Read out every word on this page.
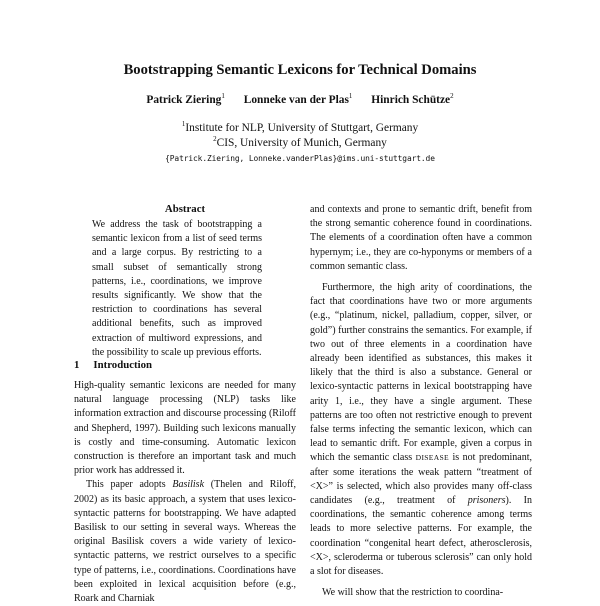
Bootstrapping Semantic Lexicons for Technical Domains
Patrick Ziering$^1$ Lonneke van der Plas$^1$ Hinrich Schütze$^2$
$^1$Institute for NLP, University of Stuttgart, Germany
$^2$CIS, University of Munich, Germany
{Patrick.Ziering, Lonneke.vanderPlas}@ims.uni-stuttgart.de
Abstract

We address the task of bootstrapping a semantic lexicon from a list of seed terms and a large corpus. By restricting to a small subset of semantically strong patterns, i.e., coordinations, we improve results significantly. We show that the restriction to coordinations has several additional benefits, such as improved extraction of multiword expressions, and the possibility to scale up previous efforts.

1 Introduction

High-quality semantic lexicons are needed for many natural language processing (NLP) tasks like information extraction and discourse processing (Riloff and Shepherd, 1997). Building such lexicons manually is costly and time-consuming. Automatic lexicon construction is therefore an important task and much prior work has addressed it.

This paper adopts Basilisk (Thelen and Riloff, 2002) as its basic approach, a system that uses lexico-syntactic patterns for bootstrapping. We have adapted Basilisk to our setting in several ways. Whereas the original Basilisk covers a wide variety of lexico-syntactic patterns, we restrict ourselves to a specific type of patterns, i.e., coordinations. Coordinations have been exploited in lexical acquisition before (e.g., Roark and Charniak

and contexts and prone to semantic drift, benefit from the strong semantic coherence found in coordinations. The elements of a coordination often have a common hypernym; i.e., they are co-hyponyms or members of a common semantic class.

Furthermore, the high arity of coordinations, the fact that coordinations have two or more arguments (e.g., “platinum, nickel, palladium, copper, silver, or gold”) further constrains the semantics. For example, if two out of three elements in a coordination have already been identified as substances, this makes it likely that the third is also a substance. General or lexico-syntactic patterns in lexical bootstrapping have arity 1, i.e., they have a single argument. These patterns are too often not restrictive enough to prevent false terms infecting the semantic lexicon, which can lead to semantic drift. For example, given a corpus in which the semantic class DISEASE is not predominant, after some iterations the weak pattern “treatment of <X>” is selected, which also provides many off-class candidates (e.g., treatment of prisoners). In coordinations, the semantic coherence among terms leads to more selective patterns. For example, the coordination “congenital heart defect, atherosclerosis, <X>, scleroderma or tuberous sclerosis” can only hold a slot for diseases.

We will show that the restriction to coordina-
